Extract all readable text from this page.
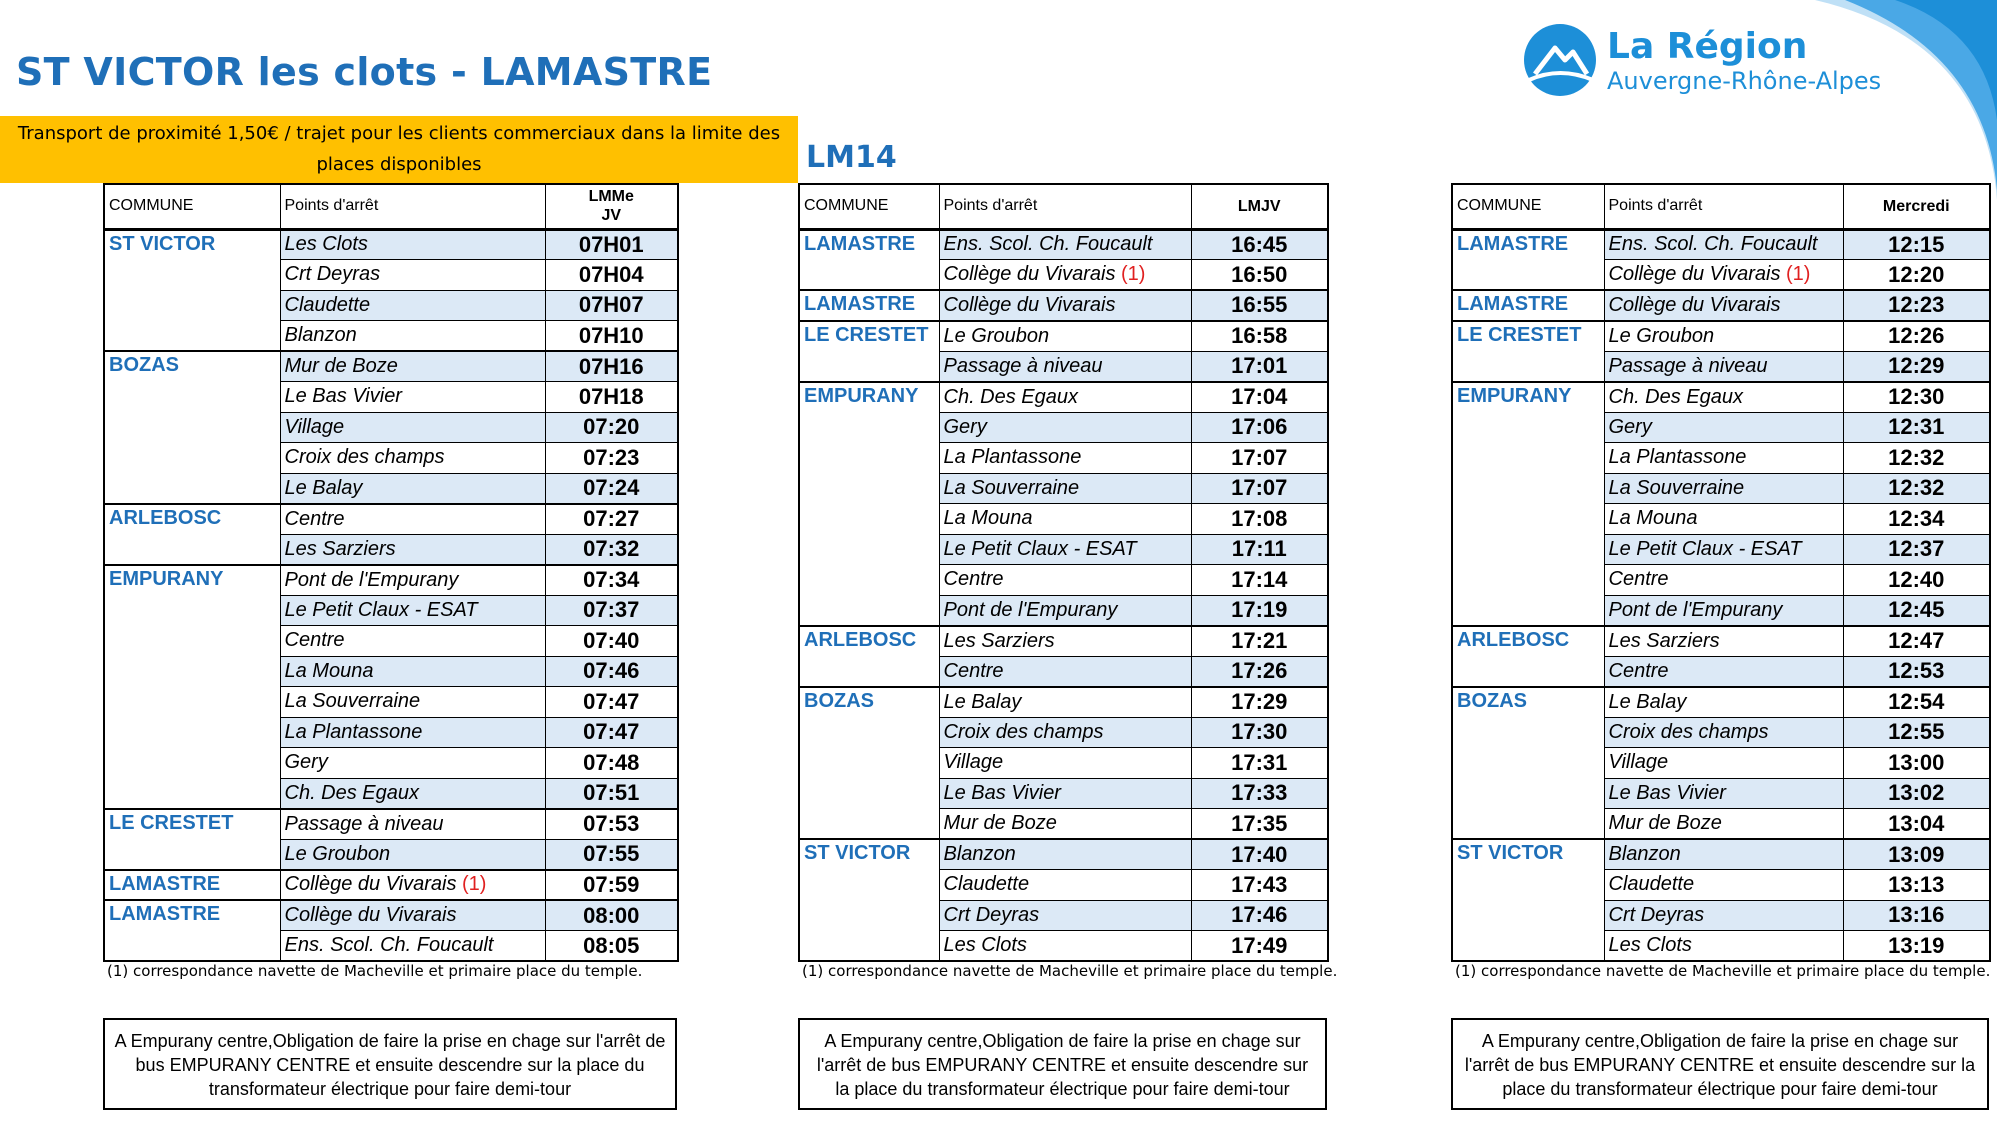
ST VICTOR les clots - LAMASTRE
Transport de proximité 1,50€ / trajet pour les clients commerciaux dans la limite des places disponibles	LM14
La Région
Auvergne-Rhône-Alpes
COMMUNE	Points d'arrêt	LMMe
JV

ST VICTOR	Les Clots	07H01
	Crt Deyras	07H04
	Claudette	07H07
	Blanzon	07H10
BOZAS	Mur de Boze	07H16
	Le Bas Vivier	07H18
	Village	07:20
	Croix des champs	07:23
	Le Balay	07:24
ARLEBOSC	Centre	07:27
	Les Sarziers	07:32
EMPURANY	Pont de l'Empurany	07:34
	Le Petit Claux - ESAT	07:37
	Centre	07:40
	La Mouna	07:46
	La Souverraine	07:47
	La Plantassone	07:47
	Gery	07:48
	Ch. Des Egaux	07:51
LE CRESTET	Passage à niveau	07:53
	Le Groubon	07:55
LAMASTRE	Collège du Vivarais (1)	07:59
LAMASTRE	Collège du Vivarais	08:00
	Ens. Scol. Ch. Foucault	08:05
COMMUNE	Points d'arrêt	LMJV

LAMASTRE	Ens. Scol. Ch. Foucault	16:45
	Collège du Vivarais (1)	16:50
LAMASTRE	Collège du Vivarais	16:55
LE CRESTET	Le Groubon	16:58
	Passage à niveau	17:01
EMPURANY	Ch. Des Egaux	17:04
	Gery	17:06
	La Plantassone	17:07
	La Souverraine	17:07
	La Mouna	17:08
	Le Petit Claux - ESAT	17:11
	Centre	17:14
	Pont de l'Empurany	17:19
ARLEBOSC	Les Sarziers	17:21
	Centre	17:26
BOZAS	Le Balay	17:29
	Croix des champs	17:30
	Village	17:31
	Le Bas Vivier	17:33
	Mur de Boze	17:35
ST VICTOR	Blanzon	17:40
	Claudette	17:43
	Crt Deyras	17:46
	Les Clots	17:49
COMMUNE	Points d'arrêt	Mercredi

LAMASTRE	Ens. Scol. Ch. Foucault	12:15
	Collège du Vivarais (1)	12:20
LAMASTRE	Collège du Vivarais	12:23
LE CRESTET	Le Groubon	12:26
	Passage à niveau	12:29
EMPURANY	Ch. Des Egaux	12:30
	Gery	12:31
	La Plantassone	12:32
	La Souverraine	12:32
	La Mouna	12:34
	Le Petit Claux - ESAT	12:37
	Centre	12:40
	Pont de l'Empurany	12:45
ARLEBOSC	Les Sarziers	12:47
	Centre	12:53
BOZAS	Le Balay	12:54
	Croix des champs	12:55
	Village	13:00
	Le Bas Vivier	13:02
	Mur de Boze	13:04
ST VICTOR	Blanzon	13:09
	Claudette	13:13
	Crt Deyras	13:16
	Les Clots	13:19
(1) correspondance navette de Macheville et primaire place du temple.	(1) correspondance navette de Macheville et primaire place du temple.	(1) correspondance navette de Macheville et primaire place du temple.
A Empurany centre,Obligation de faire la prise en chage sur l'arrêt de bus EMPURANY CENTRE et ensuite descendre sur la place du transformateur électrique pour faire demi-tour
A Empurany centre,Obligation de faire la prise en chage sur l'arrêt de bus EMPURANY CENTRE et ensuite descendre sur la place du transformateur électrique pour faire demi-tour
A Empurany centre,Obligation de faire la prise en chage sur l'arrêt de bus EMPURANY CENTRE et ensuite descendre sur la place du transformateur électrique pour faire demi-tour
